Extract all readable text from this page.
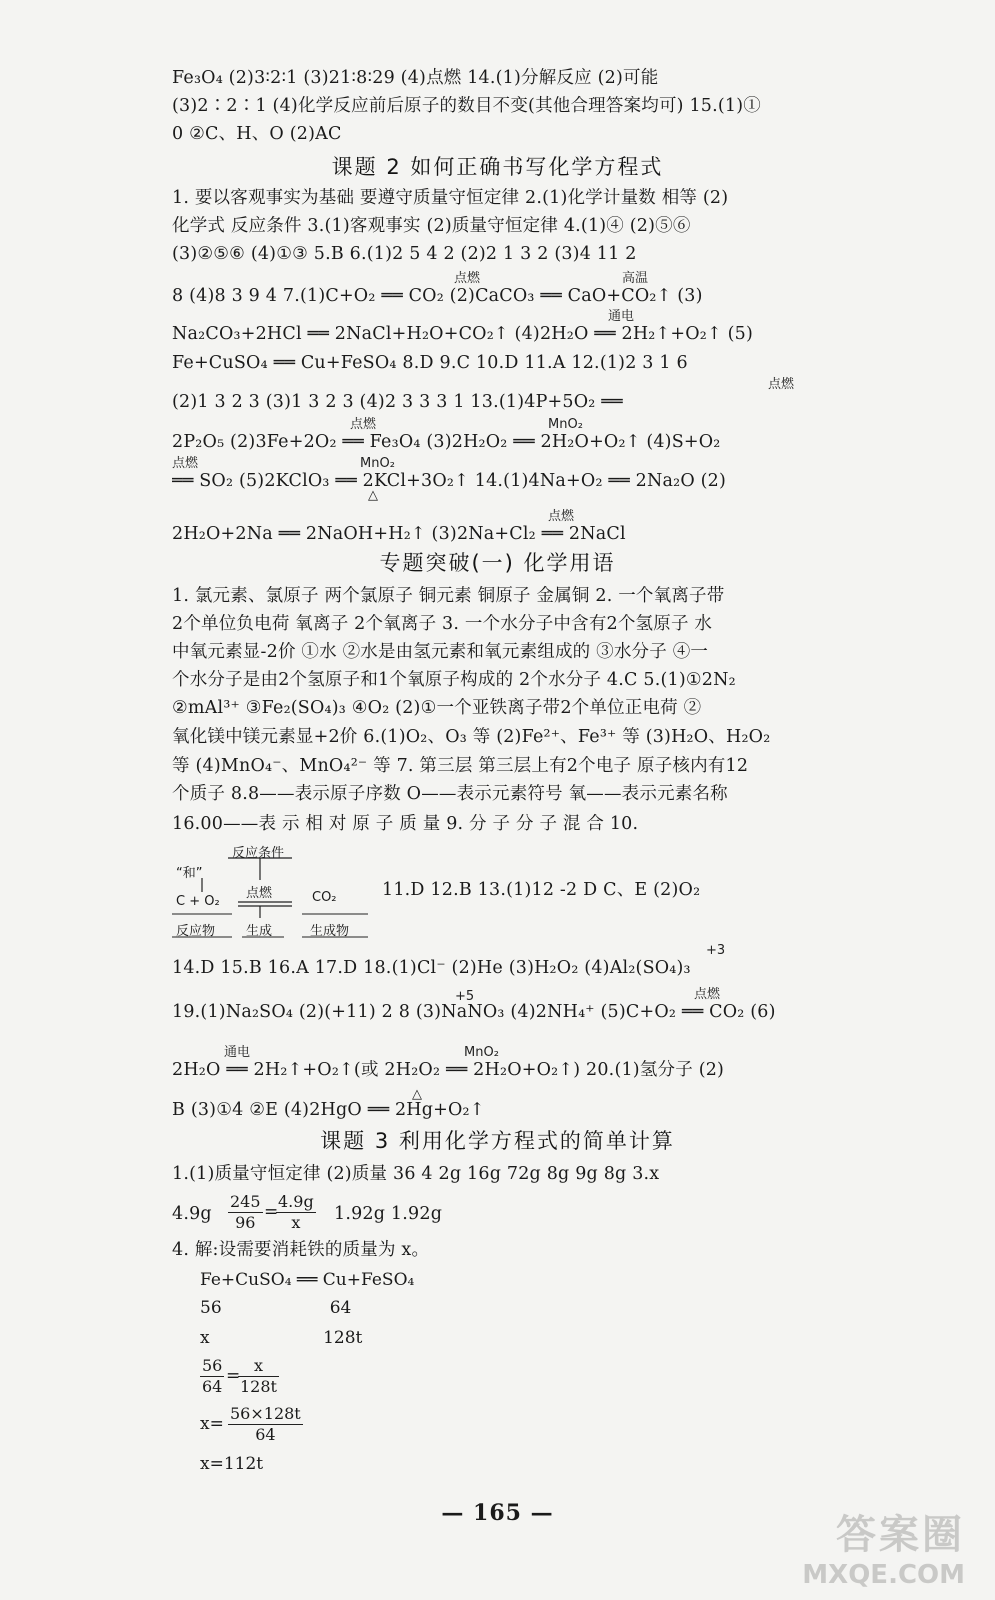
Fe₃O₄ (2)3∶2∶1 (3)21∶8∶29 (4)点燃 14.(1)分解反应 (2)可能
(3)2∶2∶1 (4)化学反应前后原子的数目不变(其他合理答案均可) 15.(1)①
0 ②C、H、O (2)AC
课题 2 如何正确书写化学方程式
1. 要以客观事实为基础 要遵守质量守恒定律 2.(1)化学计量数 相等 (2)
化学式 反应条件 3.(1)客观事实 (2)质量守恒定律 4.(1)④ (2)⑤⑥
(3)②⑤⑥ (4)①③ 5.B 6.(1)2 5 4 2 (2)2 1 3 2 (3)4 11 2
8 (4)8 3 9 4 7.(1)C+O₂ ══ CO₂ (2)CaCO₃ ══ CaO+CO₂↑ (3)
Na₂CO₃+2HCl ══ 2NaCl+H₂O+CO₂↑ (4)2H₂O ══ 2H₂↑+O₂↑ (5)
Fe+CuSO₄ ══ Cu+FeSO₄ 8.D 9.C 10.D 11.A 12.(1)2 3 1 6
(2)1 3 2 3 (3)1 3 2 3 (4)2 3 3 3 1 13.(1)4P+5O₂ ══
2P₂O₅ (2)3Fe+2O₂ ══ Fe₃O₄ (3)2H₂O₂ ══ 2H₂O+O₂↑ (4)S+O₂
══ SO₂ (5)2KClO₃ ══ 2KCl+3O₂↑ 14.(1)4Na+O₂ ══ 2Na₂O (2)
2H₂O+2Na ══ 2NaOH+H₂↑ (3)2Na+Cl₂ ══ 2NaCl
点燃	高温
通电
点燃
点燃	MnO₂
点燃	MnO₂
△
点燃
专题突破(一) 化学用语
1. 氯元素、氯原子 两个氯原子 铜元素 铜原子 金属铜 2. 一个氧离子带
2个单位负电荷 氧离子 2个氧离子 3. 一个水分子中含有2个氢原子 水
中氧元素显-2价 ①水 ②水是由氢元素和氧元素组成的 ③水分子 ④一
个水分子是由2个氢原子和1个氧原子构成的 2个水分子 4.C 5.(1)①2N₂
②mAl³⁺ ③Fe₂(SO₄)₃ ④O₂ (2)①一个亚铁离子带2个单位正电荷 ②
氧化镁中镁元素显+2价 6.(1)O₂、O₃ 等 (2)Fe²⁺、Fe³⁺ 等 (3)H₂O、H₂O₂
等 (4)MnO₄⁻、MnO₄²⁻ 等 7. 第三层 第三层上有2个电子 原子核内有12
个质子 8.8——表示原子序数 O——表示元素符号 氧——表示元素名称
16.00——表 示 相 对 原 子 质 量 9. 分 子 分 子 混 合 10.
反应条件
“和”
C + O₂
点燃	CO₂
反应物 生成	生成物
11.D 12.B 13.(1)12 -2 D C、E (2)O₂
+3
14.D 15.B 16.A 17.D 18.(1)Cl⁻ (2)He (3)H₂O₂ (4)Al₂(SO₄)₃
+5
19.(1)Na₂SO₄ (2)(+11) 2 8 (3)NaNO₃ (4)2NH₄⁺ (5)C+O₂ ══ CO₂ (6)
2H₂O ══ 2H₂↑+O₂↑(或 2H₂O₂ ══ 2H₂O+O₂↑) 20.(1)氢分子 (2)
B (3)①4 ②E (4)2HgO ══ 2Hg+O₂↑
点燃
通电	MnO₂
△
课题 3 利用化学方程式的简单计算
1.(1)质量守恒定律 (2)质量 36 4 2g 16g 72g 8g 9g 8g 3.x
4.9g	$\frac{245}{96}$ =
$\frac{4.9g}{x} 1.92g$ 1.92g
4. 解:设需要消耗铁的质量为 x。
Fe+CuSO₄ ══ Cu+FeSO₄
56                    64
x                     128t
$\frac{56}{64}$ =
$\frac{x}{128t}$
$x= \frac{56\times 128t}{64}$
x=112t
— 165 —	答案圈
MXQE.COM
